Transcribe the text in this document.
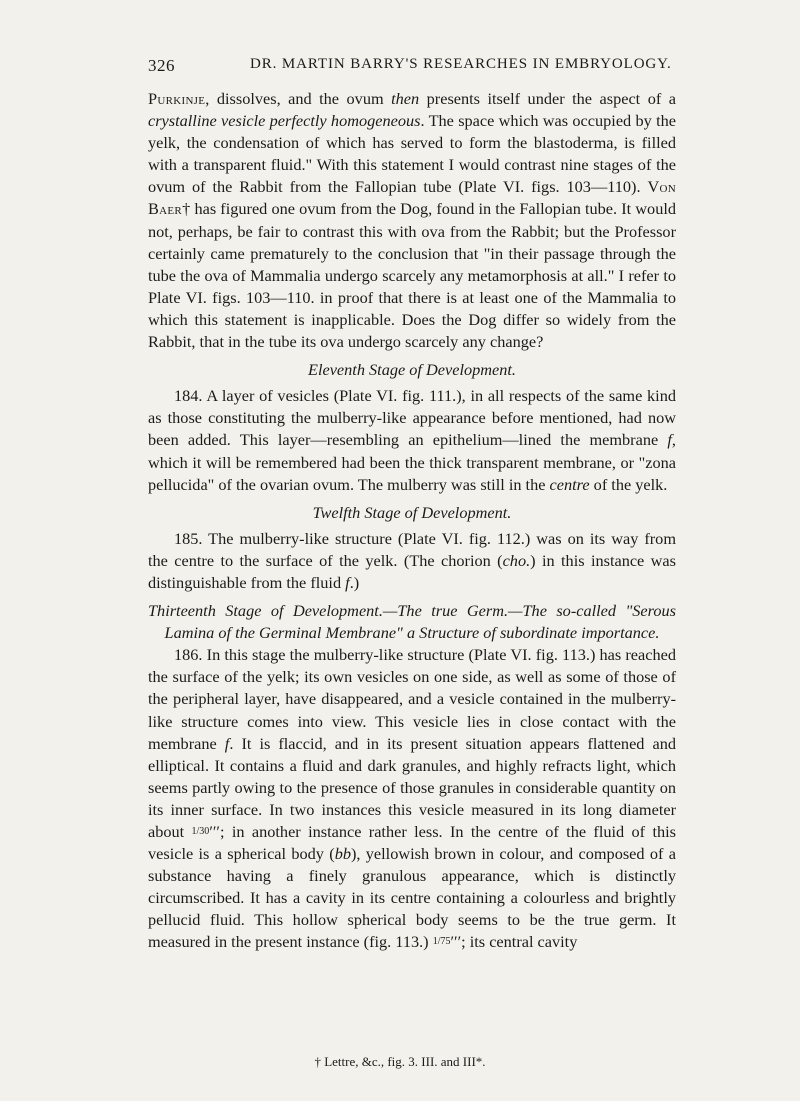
326	DR. MARTIN BARRY'S RESEARCHES IN EMBRYOLOGY.

Purkinje, dissolves, and the ovum then presents itself under the aspect of a crystalline vesicle perfectly homogeneous. The space which was occupied by the yelk, the condensation of which has served to form the blastoderma, is filled with a transparent fluid." With this statement I would contrast nine stages of the ovum of the Rabbit from the Fallopian tube (Plate VI. figs. 103—110). Von Baer† has figured one ovum from the Dog, found in the Fallopian tube. It would not, perhaps, be fair to contrast this with ova from the Rabbit; but the Professor certainly came prematurely to the conclusion that "in their passage through the tube the ova of Mammalia undergo scarcely any metamorphosis at all." I refer to Plate VI. figs. 103—110. in proof that there is at least one of the Mammalia to which this statement is inapplicable. Does the Dog differ so widely from the Rabbit, that in the tube its ova undergo scarcely any change?

Eleventh Stage of Development.

184. A layer of vesicles (Plate VI. fig. 111.), in all respects of the same kind as those constituting the mulberry-like appearance before mentioned, had now been added. This layer—resembling an epithelium—lined the membrane f, which it will be remembered had been the thick transparent membrane, or "zona pellucida" of the ovarian ovum. The mulberry was still in the centre of the yelk.

Twelfth Stage of Development.

185. The mulberry-like structure (Plate VI. fig. 112.) was on its way from the centre to the surface of the yelk. (The chorion (cho.) in this instance was distinguishable from the fluid f.)

Thirteenth Stage of Development.—The true Germ.—The so-called "Serous Lamina of the Germinal Membrane" a Structure of subordinate importance.

186. In this stage the mulberry-like structure (Plate VI. fig. 113.) has reached the surface of the yelk; its own vesicles on one side, as well as some of those of the peripheral layer, have disappeared, and a vesicle contained in the mulberry-like structure comes into view. This vesicle lies in close contact with the membrane f. It is flaccid, and in its present situation appears flattened and elliptical. It contains a fluid and dark granules, and highly refracts light, which seems partly owing to the presence of those granules in considerable quantity on its inner surface. In two instances this vesicle measured in its long diameter about 1/30′′′; in another instance rather less. In the centre of the fluid of this vesicle is a spherical body (bb), yellowish brown in colour, and composed of a substance having a finely granulous appearance, which is distinctly circumscribed. It has a cavity in its centre containing a colourless and brightly pellucid fluid. This hollow spherical body seems to be the true germ. It measured in the present instance (fig. 113.) 1/75′′′; its central cavity

† Lettre, &c., fig. 3. III. and III*.
